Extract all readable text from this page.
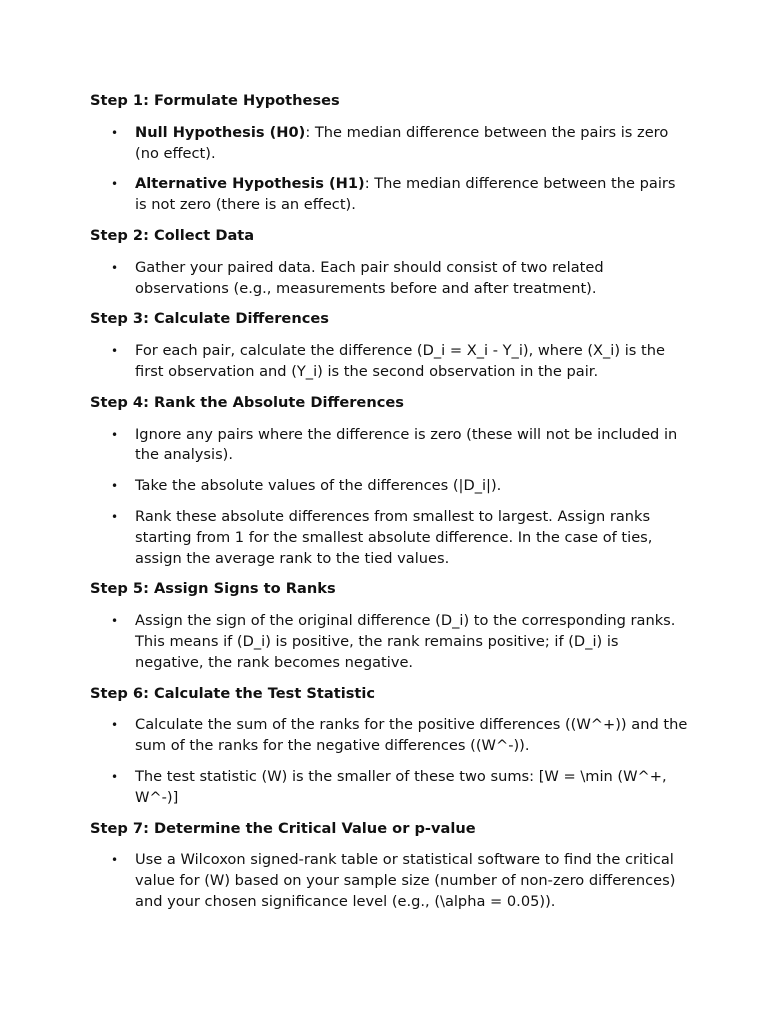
Step 1: Formulate Hypotheses

• Null Hypothesis (H0): The median difference between the pairs is zero (no effect).
• Alternative Hypothesis (H1): The median difference between the pairs is not zero (there is an effect).

Step 2: Collect Data

• Gather your paired data. Each pair should consist of two related observations (e.g., measurements before and after treatment).

Step 3: Calculate Differences

• For each pair, calculate the difference (D_i = X_i - Y_i), where (X_i) is the first observation and (Y_i) is the second observation in the pair.

Step 4: Rank the Absolute Differences

• Ignore any pairs where the difference is zero (these will not be included in the analysis).
• Take the absolute values of the differences (|D_i|).
• Rank these absolute differences from smallest to largest. Assign ranks starting from 1 for the smallest absolute difference. In the case of ties, assign the average rank to the tied values.

Step 5: Assign Signs to Ranks

• Assign the sign of the original difference (D_i) to the corresponding ranks. This means if (D_i) is positive, the rank remains positive; if (D_i) is negative, the rank becomes negative.

Step 6: Calculate the Test Statistic

• Calculate the sum of the ranks for the positive differences ((W^+)) and the sum of the ranks for the negative differences ((W^-)).
• The test statistic (W) is the smaller of these two sums: [W = \min (W^+, W^-)]

Step 7: Determine the Critical Value or p-value

• Use a Wilcoxon signed-rank table or statistical software to find the critical value for (W) based on your sample size (number of non-zero differences) and your chosen significance level (e.g., (\alpha = 0.05)).
